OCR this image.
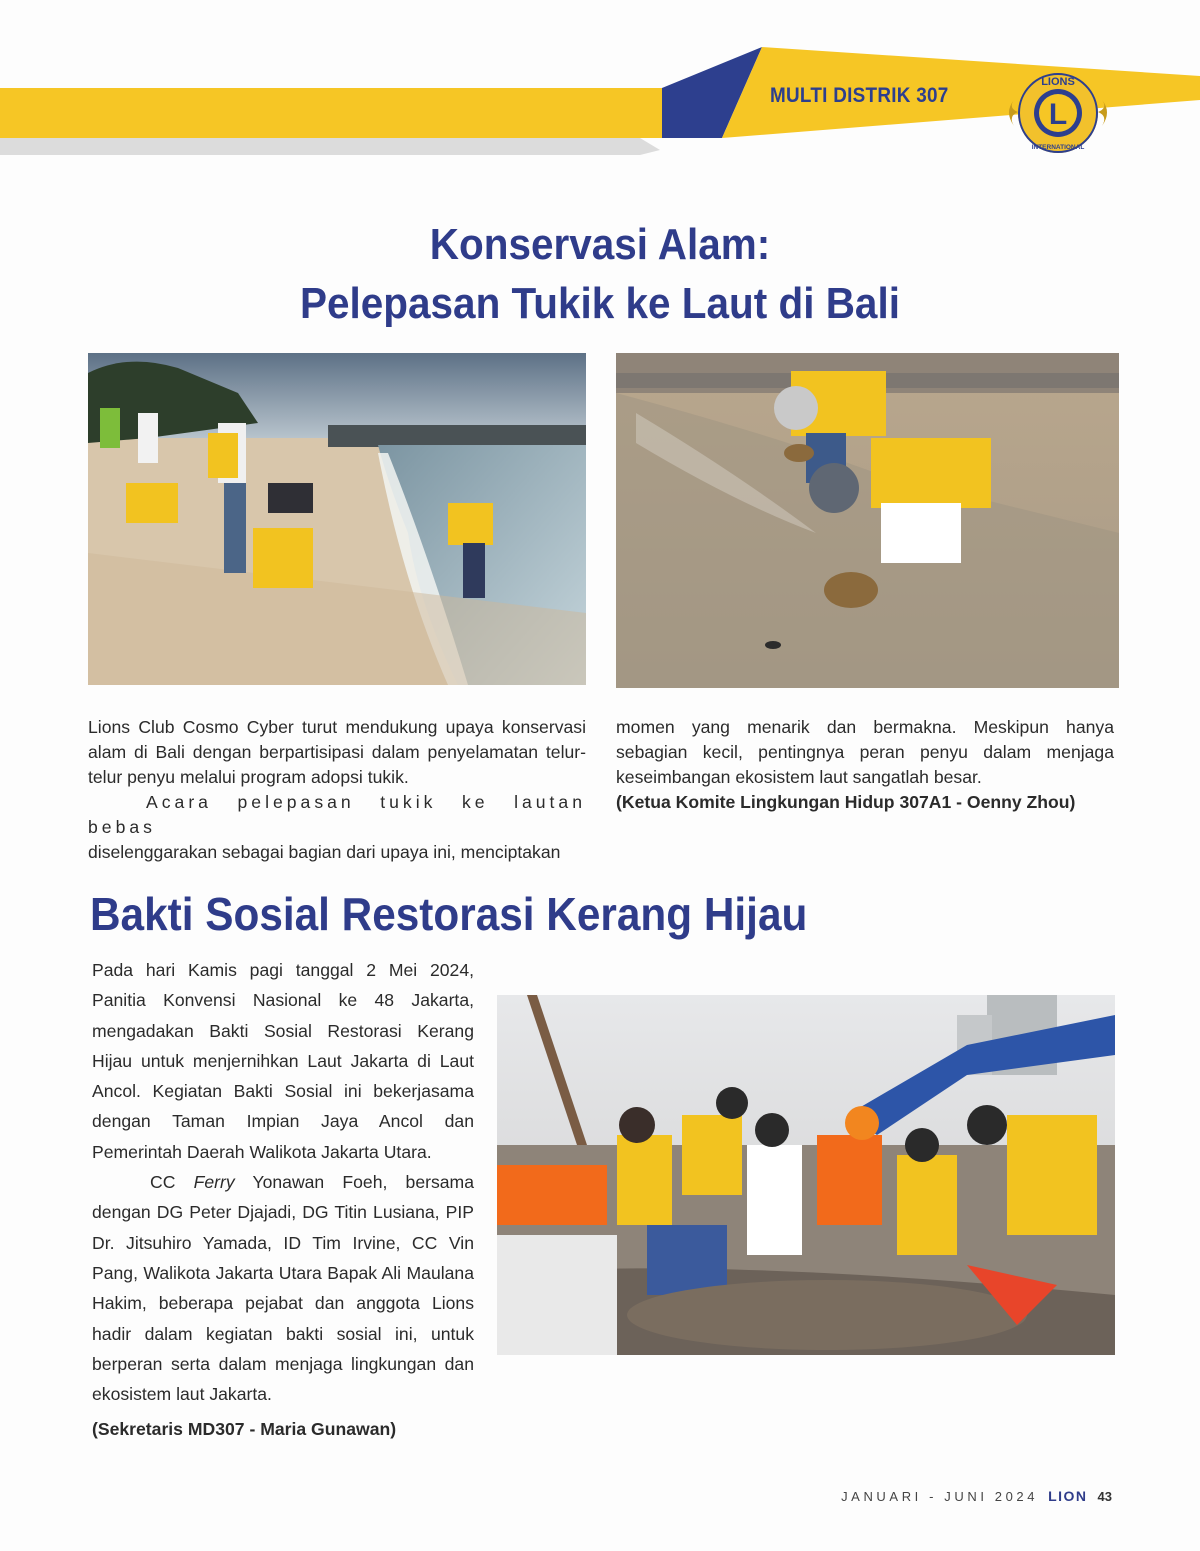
MULTI DISTRIK 307
L
LIONS
INTERNATIONAL
Konservasi Alam:
Pelepasan Tukik ke Laut di Bali

Lions Club Cosmo Cyber turut mendukung upaya konservasi alam di Bali dengan berpartisipasi dalam penyelamatan telur-telur penyu melalui program adopsi tukik.

Acara pelepasan tukik ke lautan bebas
diselenggarakan sebagai bagian dari upaya ini, menciptakan

momen yang menarik dan bermakna. Meskipun hanya sebagian kecil, pentingnya peran penyu dalam menjaga keseimbangan ekosistem laut sangatlah besar.

(Ketua Komite Lingkungan Hidup 307A1 - Oenny Zhou)

Bakti Sosial Restorasi Kerang Hijau

Pada hari Kamis pagi tanggal 2 Mei 2024, Panitia Konvensi Nasional ke 48 Jakarta, mengadakan Bakti Sosial Restorasi Kerang Hijau untuk menjernihkan Laut Jakarta di Laut Ancol. Kegiatan Bakti Sosial ini bekerjasama dengan Taman Impian Jaya Ancol dan Pemerintah Daerah Walikota Jakarta Utara.

CC Ferry Yonawan Foeh, bersama dengan DG Peter Djajadi, DG Titin Lusiana, PIP Dr. Jitsuhiro Yamada, ID Tim Irvine, CC Vin Pang, Walikota Jakarta Utara Bapak Ali Maulana Hakim, beberapa pejabat dan anggota Lions hadir dalam kegiatan bakti sosial ini, untuk berperan serta dalam menjaga lingkungan dan ekosistem laut Jakarta.

(Sekretaris MD307 - Maria Gunawan)

JANUARI - JUNI 2024 LION 43
